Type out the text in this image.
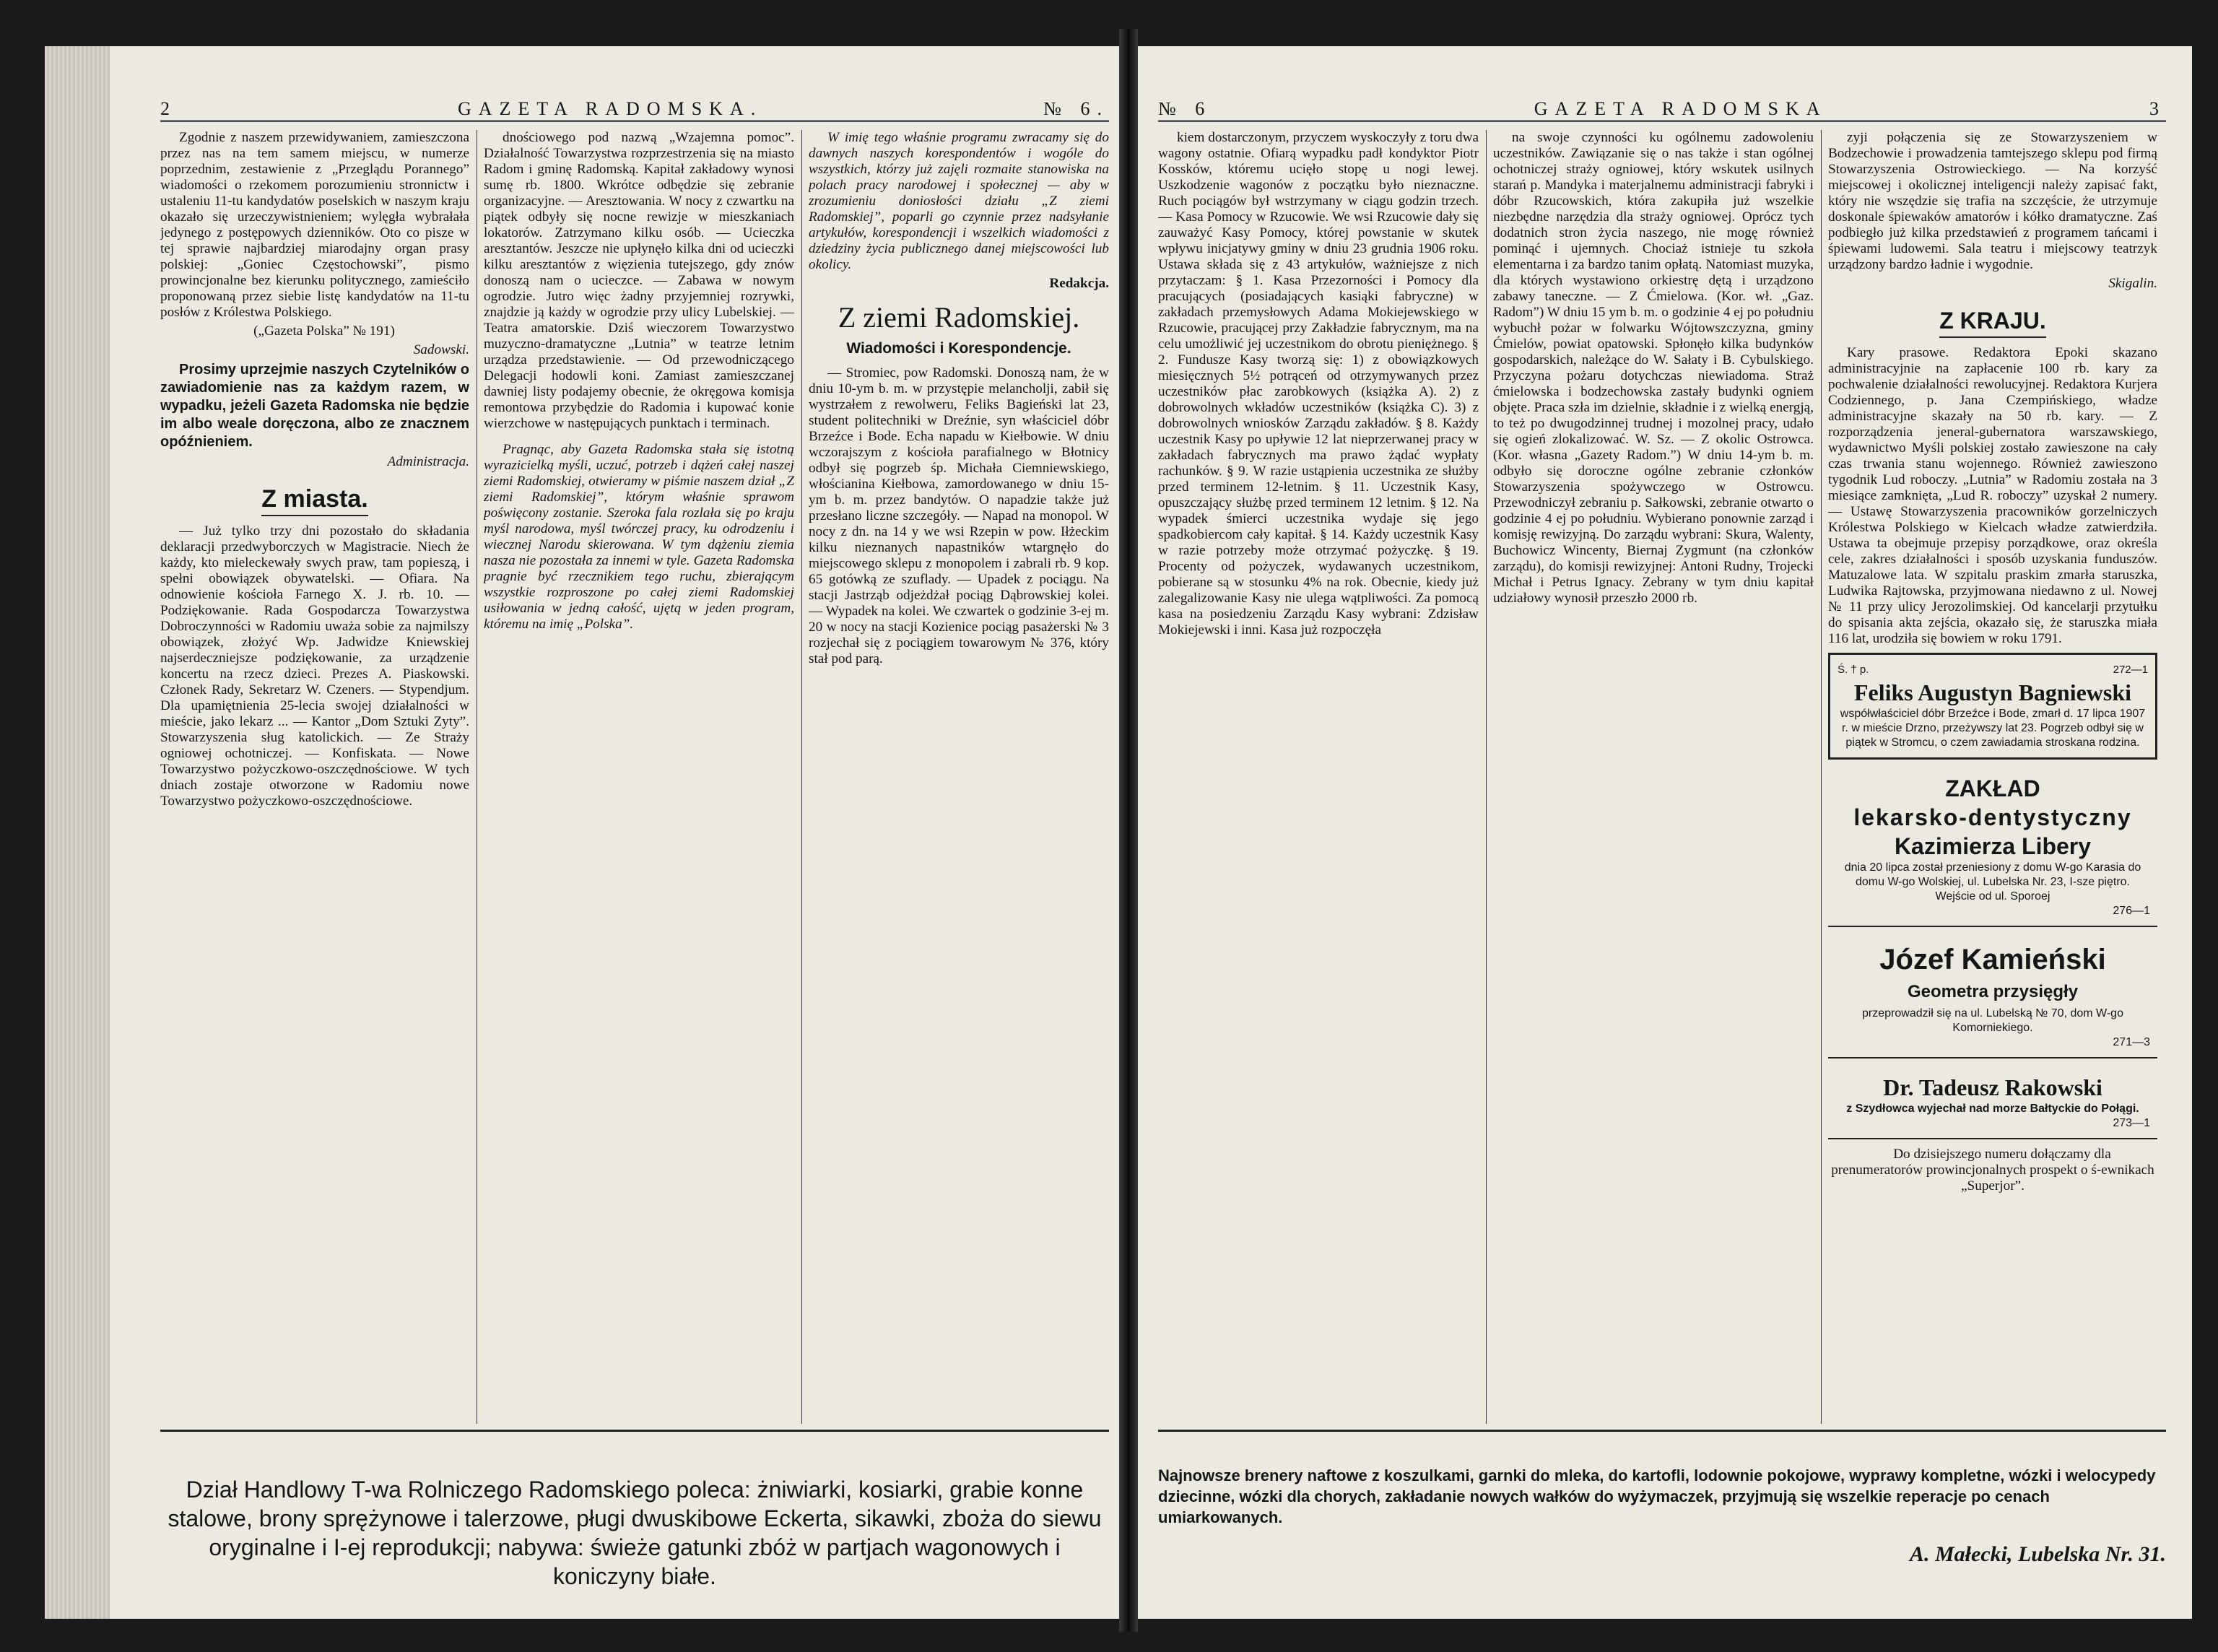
2	GAZETA RADOMSKA.	№ 6.

Zgodnie z naszem przewidywaniem, zamieszczona przez nas na tem samem miejscu, w numerze poprzednim, zestawienie z „Przeglądu Porannego” wiadomości o rzekomem porozumieniu stronnictw i ustaleniu 11-tu kandydatów poselskich w naszym kraju okazało się urzeczywistnieniem; wylęgła wybrałała jedynego z postępowych dzienników. Oto co pisze w tej sprawie najbardziej miarodajny organ prasy polskiej: „Goniec Częstochowski”, pismo prowincjonalne bez kierunku politycznego, zamieściło proponowaną przez siebie listę kandydatów na 11-tu posłów z Królestwa Polskiego.

(„Gazeta Polska” № 191)

Sadowski.

Prosimy uprzejmie naszych Czytelników o zawiadomienie nas za każdym razem, w wypadku, jeżeli Gazeta Radomska nie będzie im albo weale doręczona, albo ze znacznem opóźnieniem.

Administracja.

Z miasta.

— Już tylko trzy dni pozostało do składania deklaracji przedwyborczych w Magistracie. Niech że każdy, kto mieleckewały swych praw, tam popieszą, i spełni obowiązek obywatelski. — Ofiara. Na odnowienie kościoła Farnego X. J. rb. 10. — Podziękowanie. Rada Gospodarcza Towarzystwa Dobroczynności w Radomiu uważa sobie za najmilszy obowiązek, złożyć Wp. Jadwidze Kniewskiej najserdeczniejsze podziękowanie, za urządzenie koncertu na rzecz dzieci. Prezes A. Piaskowski. Członek Rady, Sekretarz W. Czeners. — Stypendjum. Dla upamiętnienia 25-lecia swojej działalności w mieście, jako lekarz ... — Kantor „Dom Sztuki Zyty”. Stowarzyszenia sług katolickich. — Ze Straży ogniowej ochotniczej. — Konfiskata. — Nowe Towarzystwo pożyczkowo-oszczędnościowe. W tych dniach zostaje otworzone w Radomiu nowe Towarzystwo pożyczkowo-oszczędnościowe.

dnościowego pod nazwą „Wzajemna pomoc”. Działalność Towarzystwa rozprzestrzenia się na miasto Radom i gminę Radomską. Kapitał zakładowy wynosi sumę rb. 1800. Wkrótce odbędzie się zebranie organizacyjne. — Aresztowania. W nocy z czwartku na piątek odbyły się nocne rewizje w mieszkaniach lokatorów. Zatrzymano kilku osób. — Ucieczka aresztantów. Jeszcze nie upłynęło kilka dni od ucieczki kilku aresztantów z więzienia tutejszego, gdy znów donoszą nam o ucieczce. — Zabawa w nowym ogrodzie. Jutro więc żadny przyjemniej rozrywki, znajdzie ją każdy w ogrodzie przy ulicy Lubelskiej. — Teatra amatorskie. Dziś wieczorem Towarzystwo muzyczno-dramatyczne „Lutnia” w teatrze letnim urządza przedstawienie. — Od przewodniczącego Delegacji hodowli koni. Zamiast zamieszczanej dawniej listy podajemy obecnie, że okręgowa komisja remontowa przybędzie do Radomia i kupować konie wierzchowe w następujących punktach i terminach.

Pragnąc, aby Gazeta Radomska stała się istotną wyrazicielką myśli, uczuć, potrzeb i dążeń całej naszej ziemi Radomskiej, otwieramy w piśmie naszem dział „Z ziemi Radomskiej”, którym właśnie sprawom poświęcony zostanie. Szeroka fala rozlała się po kraju myśl narodowa, myśl twórczej pracy, ku odrodzeniu i wiecznej Narodu skierowana. W tym dążeniu ziemia nasza nie pozostała za innemi w tyle. Gazeta Radomska pragnie być rzecznikiem tego ruchu, zbierającym wszystkie rozproszone po całej ziemi Radomskiej usiłowania w jedną całość, ujętą w jeden program, któremu na imię „Polska”.

W imię tego właśnie programu zwracamy się do dawnych naszych korespondentów i wogóle do wszystkich, którzy już zajęli rozmaite stanowiska na polach pracy narodowej i społecznej — aby w zrozumieniu doniosłości działu „Z ziemi Radomskiej”, poparli go czynnie przez nadsyłanie artykułów, korespondencji i wszelkich wiadomości z dziedziny życia publicznego danej miejscowości lub okolicy.

Redakcja.

Z ziemi Radomskiej.
Wiadomości i Korespondencje.

— Stromiec, pow Radomski. Donoszą nam, że w dniu 10-ym b. m. w przystępie melancholji, zabił się wystrzałem z rewolweru, Feliks Bagieński lat 23, student politechniki w Dreźnie, syn właściciel dóbr Brzeźce i Bode. Echa napadu w Kiełbowie. W dniu wczorajszym z kościoła parafialnego w Błotnicy odbył się pogrzeb śp. Michała Ciemniewskiego, włościanina Kiełbowa, zamordowanego w dniu 15-ym b. m. przez bandytów. O napadzie także już przesłano liczne szczegóły. — Napad na monopol. W nocy z dn. na 14 y we wsi Rzepin w pow. Iłżeckim kilku nieznanych napastników wtargnęło do miejscowego sklepu z monopolem i zabrali rb. 9 kop. 65 gotówką ze szuflady. — Upadek z pociągu. Na stacji Jastrząb odjeżdżał pociąg Dąbrowskiej kolei. — Wypadek na kolei. We czwartek o godzinie 3-ej m. 20 w nocy na stacji Kozienice pociąg pasażerski № 3 rozjechał się z pociągiem towarowym № 376, który stał pod parą.

Dział Handlowy T-wa Rolniczego Radomskiego poleca: żniwiarki, kosiarki, grabie konne stalowe, brony sprężynowe i talerzowe, pługi dwuskibowe Eckerta, sikawki, zboża do siewu oryginalne i I-ej reprodukcji; nabywa: świeże gatunki zbóż w partjach wagonowych i koniczyny białe.
№ 6	GAZETA RADOMSKA	3

kiem dostarczonym, przyczem wyskoczyły z toru dwa wagony ostatnie. Ofiarą wypadku padł kondyktor Piotr Kossków, któremu ucięło stopę u nogi lewej. Uszkodzenie wagonów z początku było nieznaczne. Ruch pociągów był wstrzymany w ciągu godzin trzech. — Kasa Pomocy w Rzucowie. We wsi Rzucowie dały się zauważyć Kasy Pomocy, której powstanie w skutek wpływu inicjatywy gminy w dniu 23 grudnia 1906 roku. Ustawa składa się z 43 artykułów, ważniejsze z nich przytaczam: § 1. Kasa Przezorności i Pomocy dla pracujących (posiadających kasiąki fabryczne) w zakładach przemysłowych Adama Mokiejewskiego w Rzucowie, pracującej przy Zakładzie fabrycznym, ma na celu umożliwić jej uczestnikom do obrotu pieniężnego. § 2. Fundusze Kasy tworzą się: 1) z obowiązkowych miesięcznych 5½ potrąceń od otrzymywanych przez uczestników płac zarobkowych (książka A). 2) z dobrowolnych wkładów uczestników (książka C). 3) z dobrowolnych wniosków Zarządu zakładów. § 8. Każdy uczestnik Kasy po upływie 12 lat nieprzerwanej pracy w zakładach fabrycznych ma prawo żądać wypłaty rachunków. § 9. W razie ustąpienia uczestnika ze służby przed terminem 12-letnim. § 11. Uczestnik Kasy, opuszczający służbę przed terminem 12 letnim. § 12. Na wypadek śmierci uczestnika wydaje się jego spadkobiercom cały kapitał. § 14. Każdy uczestnik Kasy w razie potrzeby może otrzymać pożyczkę. § 19. Procenty od pożyczek, wydawanych uczestnikom, pobierane są w stosunku 4% na rok. Obecnie, kiedy już zalegalizowanie Kasy nie ulega wątpliwości. Za pomocą kasa na posiedzeniu Zarządu Kasy wybrani: Zdzisław Mokiejewski i inni. Kasa już rozpoczęła

na swoje czynności ku ogólnemu zadowoleniu uczestników. Zawiązanie się o nas także i stan ogólnej ochotniczej straży ogniowej, który wskutek usilnych starań p. Mandyka i materjalnemu administracji fabryki i dóbr Rzucowskich, która zakupiła już wszelkie niezbędne narzędzia dla straży ogniowej. Oprócz tych dodatnich stron życia naszego, nie mogę również pominąć i ujemnych. Chociaż istnieje tu szkoła elementarna i za bardzo tanim opłatą. Natomiast muzyka, dla których wystawiono orkiestrę dętą i urządzono zabawy taneczne. — Z Ćmielowa. (Kor. wł. „Gaz. Radom”) W dniu 15 ym b. m. o godzinie 4 ej po południu wybuchł pożar w folwarku Wójtowszczyzna, gminy Ćmielów, powiat opatowski. Spłonęło kilka budynków gospodarskich, należące do W. Sałaty i B. Cybulskiego. Przyczyna pożaru dotychczas niewiadoma. Straż ćmielowska i bodzechowska zastały budynki ogniem objęte. Praca szła im dzielnie, składnie i z wielką energją, to też po dwugodzinnej trudnej i mozolnej pracy, udało się ogień zlokalizować. W. Sz. — Z okolic Ostrowca. (Kor. własna „Gazety Radom.”) W dniu 14-ym b. m. odbyło się doroczne ogólne zebranie członków Stowarzyszenia spożywczego w Ostrowcu. Przewodniczył zebraniu p. Sałkowski, zebranie otwarto o godzinie 4 ej po południu. Wybierano ponownie zarząd i komisję rewizyjną. Do zarządu wybrani: Skura, Walenty, Buchowicz Wincenty, Biernaj Zygmunt (na członków zarządu), do komisji rewizyjnej: Antoni Rudny, Trojecki Michał i Petrus Ignacy. Zebrany w tym dniu kapitał udziałowy wynosił przeszło 2000 rb.

zyji połączenia się ze Stowarzyszeniem w Bodzechowie i prowadzenia tamtejszego sklepu pod firmą Stowarzyszenia Ostrowieckiego. — Na korzyść miejscowej i okolicznej inteligencji należy zapisać fakt, który nie wszędzie się trafia na szczęście, że utrzymuje doskonale śpiewaków amatorów i kółko dramatyczne. Zaś podbiegło już kilka przedstawień z programem tańcami i śpiewami ludowemi. Sala teatru i miejscowy teatrzyk urządzony bardzo ładnie i wygodnie.

Skigalin.

Z KRAJU.

Kary prasowe. Redaktora Epoki skazano administracyjnie na zapłacenie 100 rb. kary za pochwalenie działalności rewolucyjnej. Redaktora Kurjera Codziennego, p. Jana Czempińskiego, władze administracyjne skazały na 50 rb. kary. — Z rozporządzenia jeneral-gubernatora warszawskiego, wydawnictwo Myśli polskiej zostało zawieszone na cały czas trwania stanu wojennego. Również zawieszono tygodnik Lud roboczy. „Lutnia” w Radomiu została na 3 miesiące zamknięta, „Lud R. roboczy” uzyskał 2 numery. — Ustawę Stowarzyszenia pracowników gorzelniczych Królestwa Polskiego w Kielcach władze zatwierdziła. Ustawa ta obejmuje przepisy porządkowe, oraz określa cele, zakres działalności i sposób uzyskania funduszów. Matuzalowe lata. W szpitalu praskim zmarła staruszka, Ludwika Rajtowska, przyjmowana niedawno z ul. Nowej № 11 przy ulicy Jerozolimskiej. Od kancelarji przytułku do spisania akta zejścia, okazało się, że staruszka miała 116 lat, urodziła się bowiem w roku 1791.

Ś. † p.	272—1
Feliks Augustyn Bagniewski
współwłaściciel dóbr Brzeźce i Bode, zmarł d. 17 lipca 1907 r. w mieście Drzno, przeżywszy lat 23. Pogrzeb odbył się w piątek w Stromcu, o czem zawiadamia stroskana rodzina.
ZAKŁAD
lekarsko-dentystyczny
Kazimierza Libery
dnia 20 lipca został przeniesiony z domu W-go Karasia do domu W-go Wolskiej, ul. Lubelska Nr. 23, I-sze piętro. Wejście od ul. Sporoej
276—1
Józef Kamieński
Geometra przysięgły
przeprowadził się na ul. Lubelską № 70, dom W-go Komorniekiego.
271—3
Dr. Tadeusz Rakowski
z Szydłowca wyjechał nad morze Bałtyckie do Połągi.
273—1

Do dzisiejszego numeru dołączamy dla prenumeratorów prowincjonalnych prospekt o ś-ewnikach „Superjor”.

Najnowsze brenery naftowe z koszulkami, garnki do mleka, do kartofli, lodownie pokojowe, wyprawy kompletne, wózki i welocypedy dziecinne, wózki dla chorych, zakładanie nowych wałków do wyżymaczek, przyjmują się wszelkie reperacje po cenach umiarkowanych.
A. Małecki, Lubelska Nr. 31.
